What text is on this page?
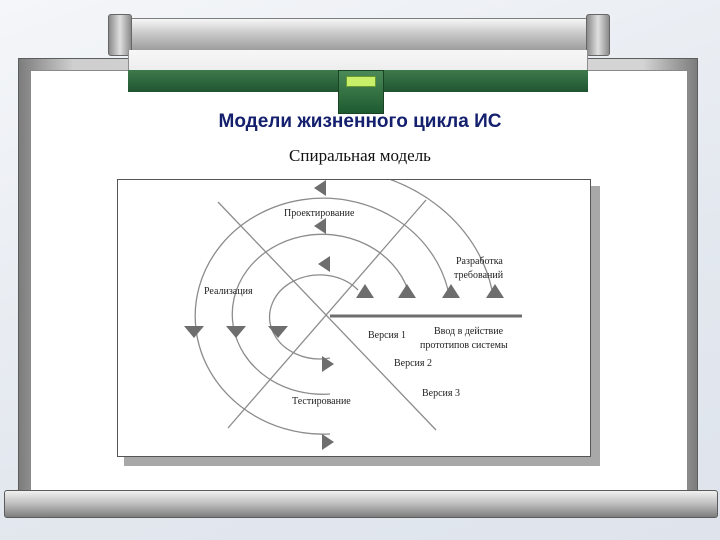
Модели жизненного цикла ИС
Спиральная модель
Проектирование
Разработка
требований
Реализация
Версия 1	Ввод в действие
прототипов системы
Версия 2
Версия 3
Тестирование
